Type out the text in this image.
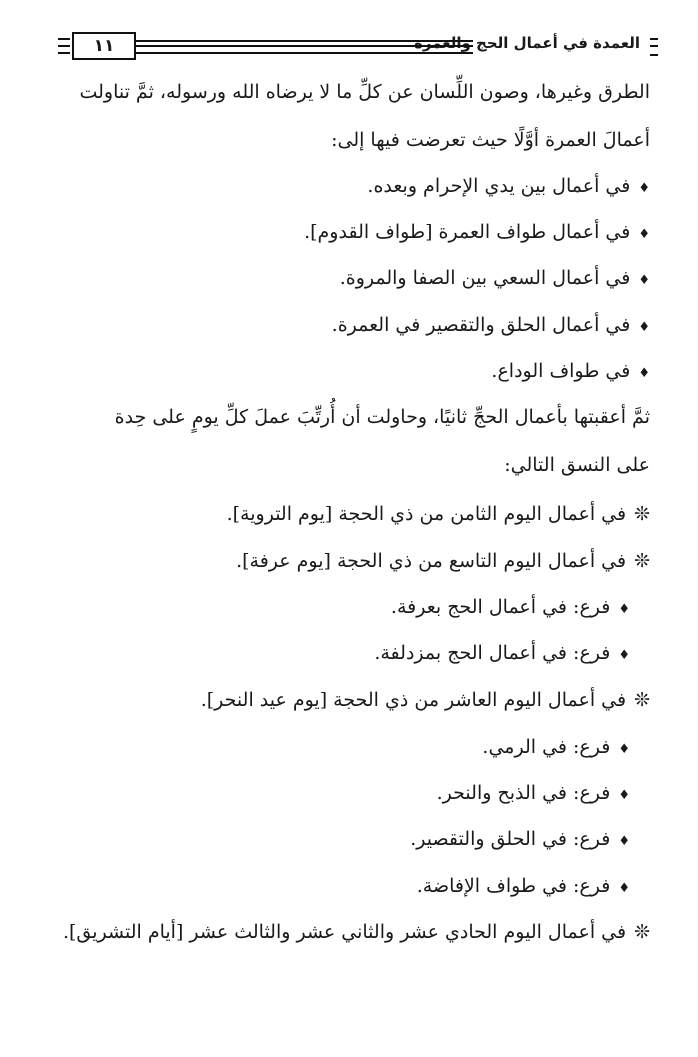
العمدة في أعمال الحج والعمرة
١١
الطرق وغيرها، وصون اللِّسان عن كلِّ ما لا يرضاه الله ورسوله، ثمَّ تناولت
أعمالَ العمرة أوَّلًا حيث تعرضت فيها إلى:
♦في أعمال بين يدي الإحرام وبعده.
♦في أعمال طواف العمرة [طواف القدوم].
♦في أعمال السعي بين الصفا والمروة.
♦في أعمال الحلق والتقصير في العمرة.
♦في طواف الوداع.
ثمَّ أعقبتها بأعمال الحجِّ ثانيًا، وحاولت أن أُرتِّبَ عملَ كلِّ يومٍ على حِدة
على النسق التالي:
❊في أعمال اليوم الثامن من ذي الحجة [يوم التروية].
❊في أعمال اليوم التاسع من ذي الحجة [يوم عرفة].
♦فرع: في أعمال الحج بعرفة.
♦فرع: في أعمال الحج بمزدلفة.
❊في أعمال اليوم العاشر من ذي الحجة [يوم عيد النحر].
♦فرع: في الرمي.
♦فرع: في الذبح والنحر.
♦فرع: في الحلق والتقصير.
♦فرع: في طواف الإفاضة.
❊في أعمال اليوم الحادي عشر والثاني عشر والثالث عشر [أيام التشريق].
